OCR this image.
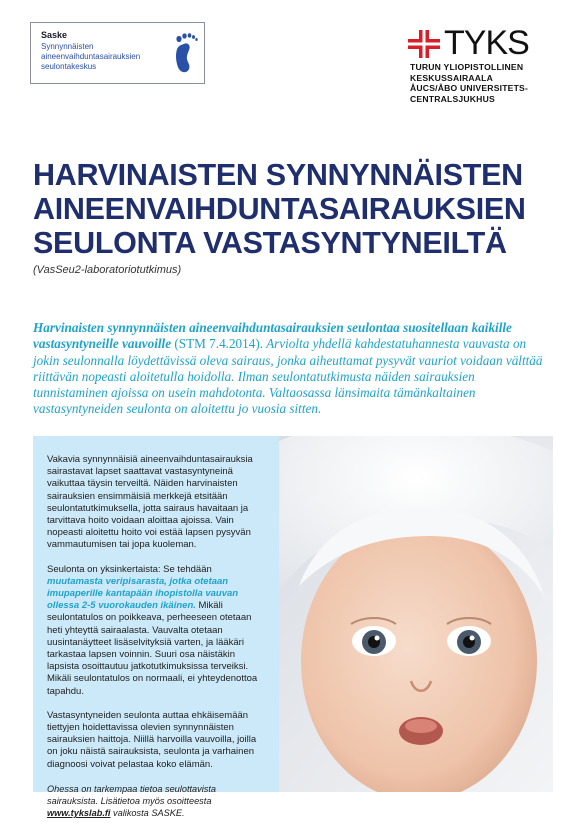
Saske
Synnynnäisten aineenvaihduntasairauksien seulontakeskus
TYKS
TURUN YLIOPISTOLLINEN
KESKUSSAIRAALA
ÅUCS/ÅBO UNIVERSITETS-
CENTRALSJUKHUS
HARVINAISTEN SYNNYNNÄISTEN
AINEENVAIHDUNTASAIRAUKSIEN
SEULONTA VASTASYNTYNEILTÄ
(VasSeu2-laboratoriotutkimus)

Harvinaisten synnynnäisten aineenvaihduntasairauksien seulontaa suositellaan kaikille vastasyntyneille vauvoille (STM 7.4.2014). Arviolta yhdellä kahdestatuhannesta vauvasta on jokin seulonnalla löydettävissä oleva sairaus, jonka aiheuttamat pysyvät vauriot voidaan välttää riittävän nopeasti aloitetulla hoidolla. Ilman seulontatutkimusta näiden sairauksien tunnistaminen ajoissa on usein mahdotonta. Valtaosassa länsimaita tämänkaltainen vastasyntyneiden seulonta on aloitettu jo vuosia sitten.

Vakavia synnynnäisiä aineenvaihduntasairauksia sairastavat lapset saattavat vastasyntyneinä vaikuttaa täysin terveiltä. Näiden harvinaisten sairauksien ensimmäisiä merkkejä etsitään seulontatutkimuksella, jotta sairaus havaitaan ja tarvittava hoito voidaan aloittaa ajoissa. Vain nopeasti aloitettu hoito voi estää lapsen pysyvän vammautumisen tai jopa kuoleman.

Seulonta on yksinkertaista: Se tehdään muutamasta veripisarasta, jotka otetaan imupaperille kantapään ihopistolla vauvan ollessa 2-5 vuorokauden ikäinen. Mikäli seulontatulos on poikkeava, perheeseen otetaan heti yhteyttä sairaalasta. Vauvalta otetaan uusintanäytteet lisäselvityksiä varten, ja lääkäri tarkastaa lapsen voinnin. Suuri osa näistäkin lapsista osoittautuu jatkotutkimuksissa terveiksi. Mikäli seulontatulos on normaali, ei yhteydenottoa tapahdu.

Vastasyntyneiden seulonta auttaa ehkäisemään tiettyjen hoidettavissa olevien synnynnäisten sairauksien haittoja. Niillä harvoilla vauvoilla, joilla on joku näistä sairauksista, seulonta ja varhainen diagnoosi voivat pelastaa koko elämän.

Ohessa on tarkempaa tietoa seulottavista sairauksista. Lisätietoa myös osoitteesta www.tykslab.fi valikosta SASKE.
